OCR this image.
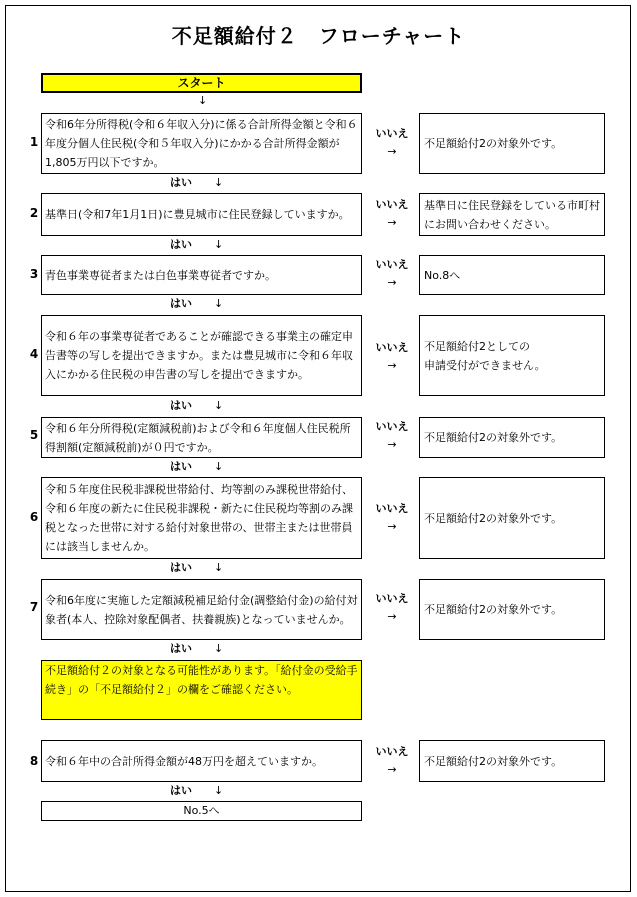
不足額給付２　フローチャート
スタート
↓
1
令和6年分所得税(令和６年収入分)に係る合計所得金額と令和６年度分個人住民税(令和５年収入分)にかかる合計所得金額が1,805万円以下ですか。
いいえ
→
不足額給付2の対象外です。
はい ↓
2 基準日(令和7年1月1日)に豊見城市に住民登録していますか。
いいえ
→
基準日に住民登録をしている市町村にお問い合わせください。
はい ↓
3 青色事業専従者または白色事業専従者ですか。
いいえ
→
No.8へ
はい ↓
4
令和６年の事業専従者であることが確認できる事業主の確定申告書等の写しを提出できますか。または豊見城市に令和６年収入にかかる住民税の申告書の写しを提出できますか。
いいえ
→
不足額給付2としての
申請受付ができません。
はい ↓
5 令和６年分所得税(定額減税前)および令和６年度個人住民税所得割額(定額減税前)が０円ですか。
いいえ
→
不足額給付2の対象外です。
はい ↓
6
令和５年度住民税非課税世帯給付、均等割のみ課税世帯給付、令和６年度の新たに住民税非課税・新たに住民税均等割のみ課税となった世帯に対する給付対象世帯の、世帯主または世帯員には該当しませんか。
いいえ
→
不足額給付2の対象外です。
はい ↓
7 令和6年度に実施した定額減税補足給付金(調整給付金)の給付対象者(本人、控除対象配偶者、扶養親族)となっていませんか。
いいえ
→
不足額給付2の対象外です。
はい ↓
不足額給付２の対象となる可能性があります。「給付金の受給手続き」の「不足額給付２」の欄をご確認ください。
8 令和６年中の合計所得金額が48万円を超えていますか。
いいえ
→
不足額給付2の対象外です。
はい ↓
No.5へ
